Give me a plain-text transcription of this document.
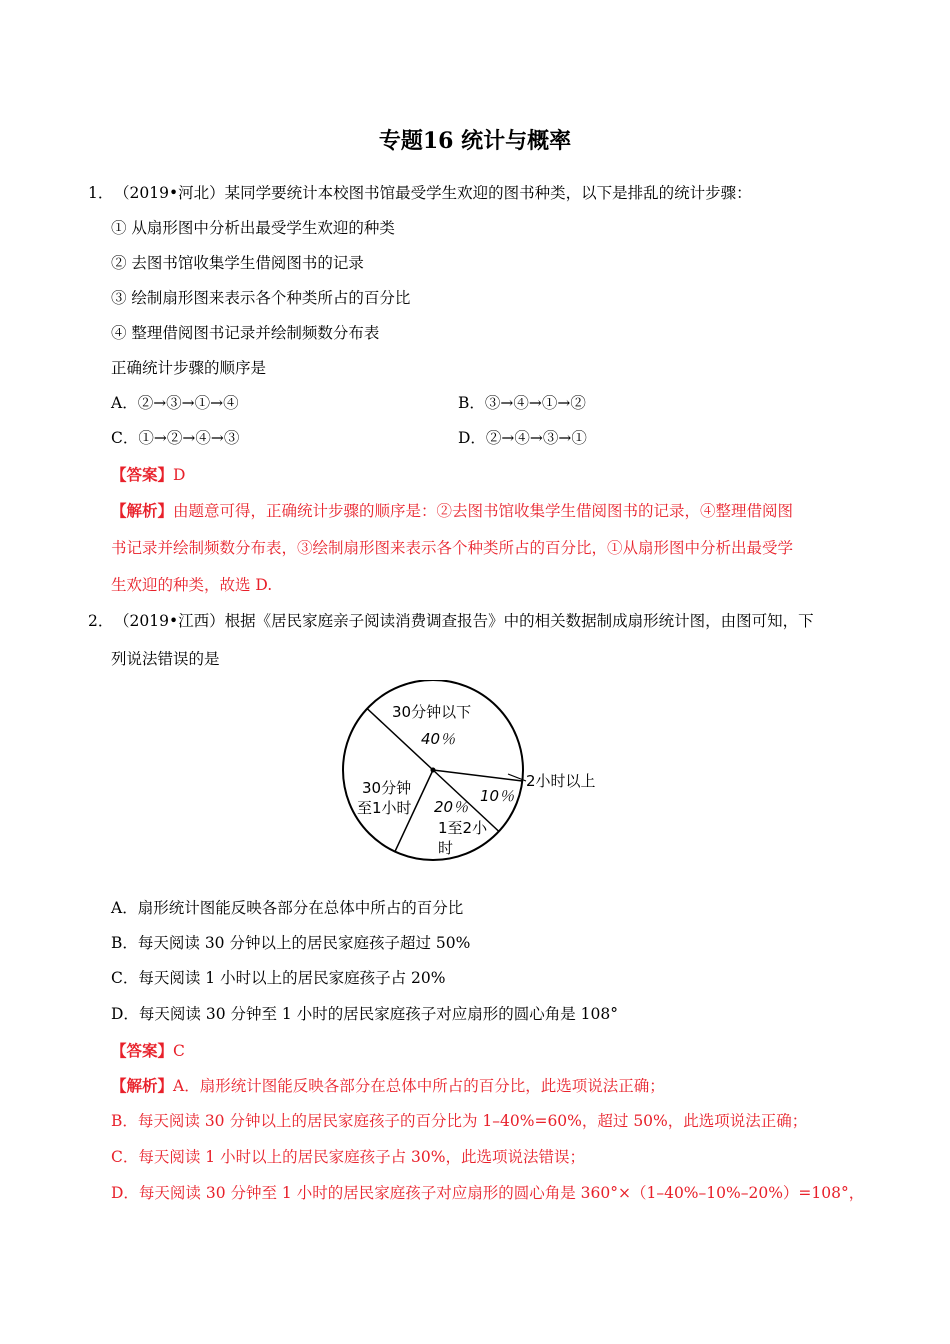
专题16 统计与概率
1． （2019•河北）某同学要统计本校图书馆最受学生欢迎的图书种类，以下是排乱的统计步骤：
① 从扇形图中分析出最受学生欢迎的种类
② 去图书馆收集学生借阅图书的记录
③ 绘制扇形图来表示各个种类所占的百分比
④ 整理借阅图书记录并绘制频数分布表
正确统计步骤的顺序是
A．②→③→①→④	B．③→④→①→②
C．①→②→④→③	D．②→④→③→①
【答案】D
【解析】由题意可得，正确统计步骤的顺序是：②去图书馆收集学生借阅图书的记录，④整理借阅图
书记录并绘制频数分布表，③绘制扇形图来表示各个种类所占的百分比，①从扇形图中分析出最受学
生欢迎的种类，故选 D.
2． （2019•江西）根据《居民家庭亲子阅读消费调查报告》中的相关数据制成扇形统计图，由图可知，下
列说法错误的是
30分钟以下
40％
30分钟
至1小时 20％
1至2小
时
10％
2小时以上
A．扇形统计图能反映各部分在总体中所占的百分比
B．每天阅读 30 分钟以上的居民家庭孩子超过 50%
C．每天阅读 1 小时以上的居民家庭孩子占 20%
D．每天阅读 30 分钟至 1 小时的居民家庭孩子对应扇形的圆心角是 108°
【答案】C
【解析】A．扇形统计图能反映各部分在总体中所占的百分比，此选项说法正确；
B．每天阅读 30 分钟以上的居民家庭孩子的百分比为 1–40%=60%，超过 50%，此选项说法正确；
C．每天阅读 1 小时以上的居民家庭孩子占 30%，此选项说法错误；
D．每天阅读 30 分钟至 1 小时的居民家庭孩子对应扇形的圆心角是 360°×（1–40%–10%–20%）=108°，
